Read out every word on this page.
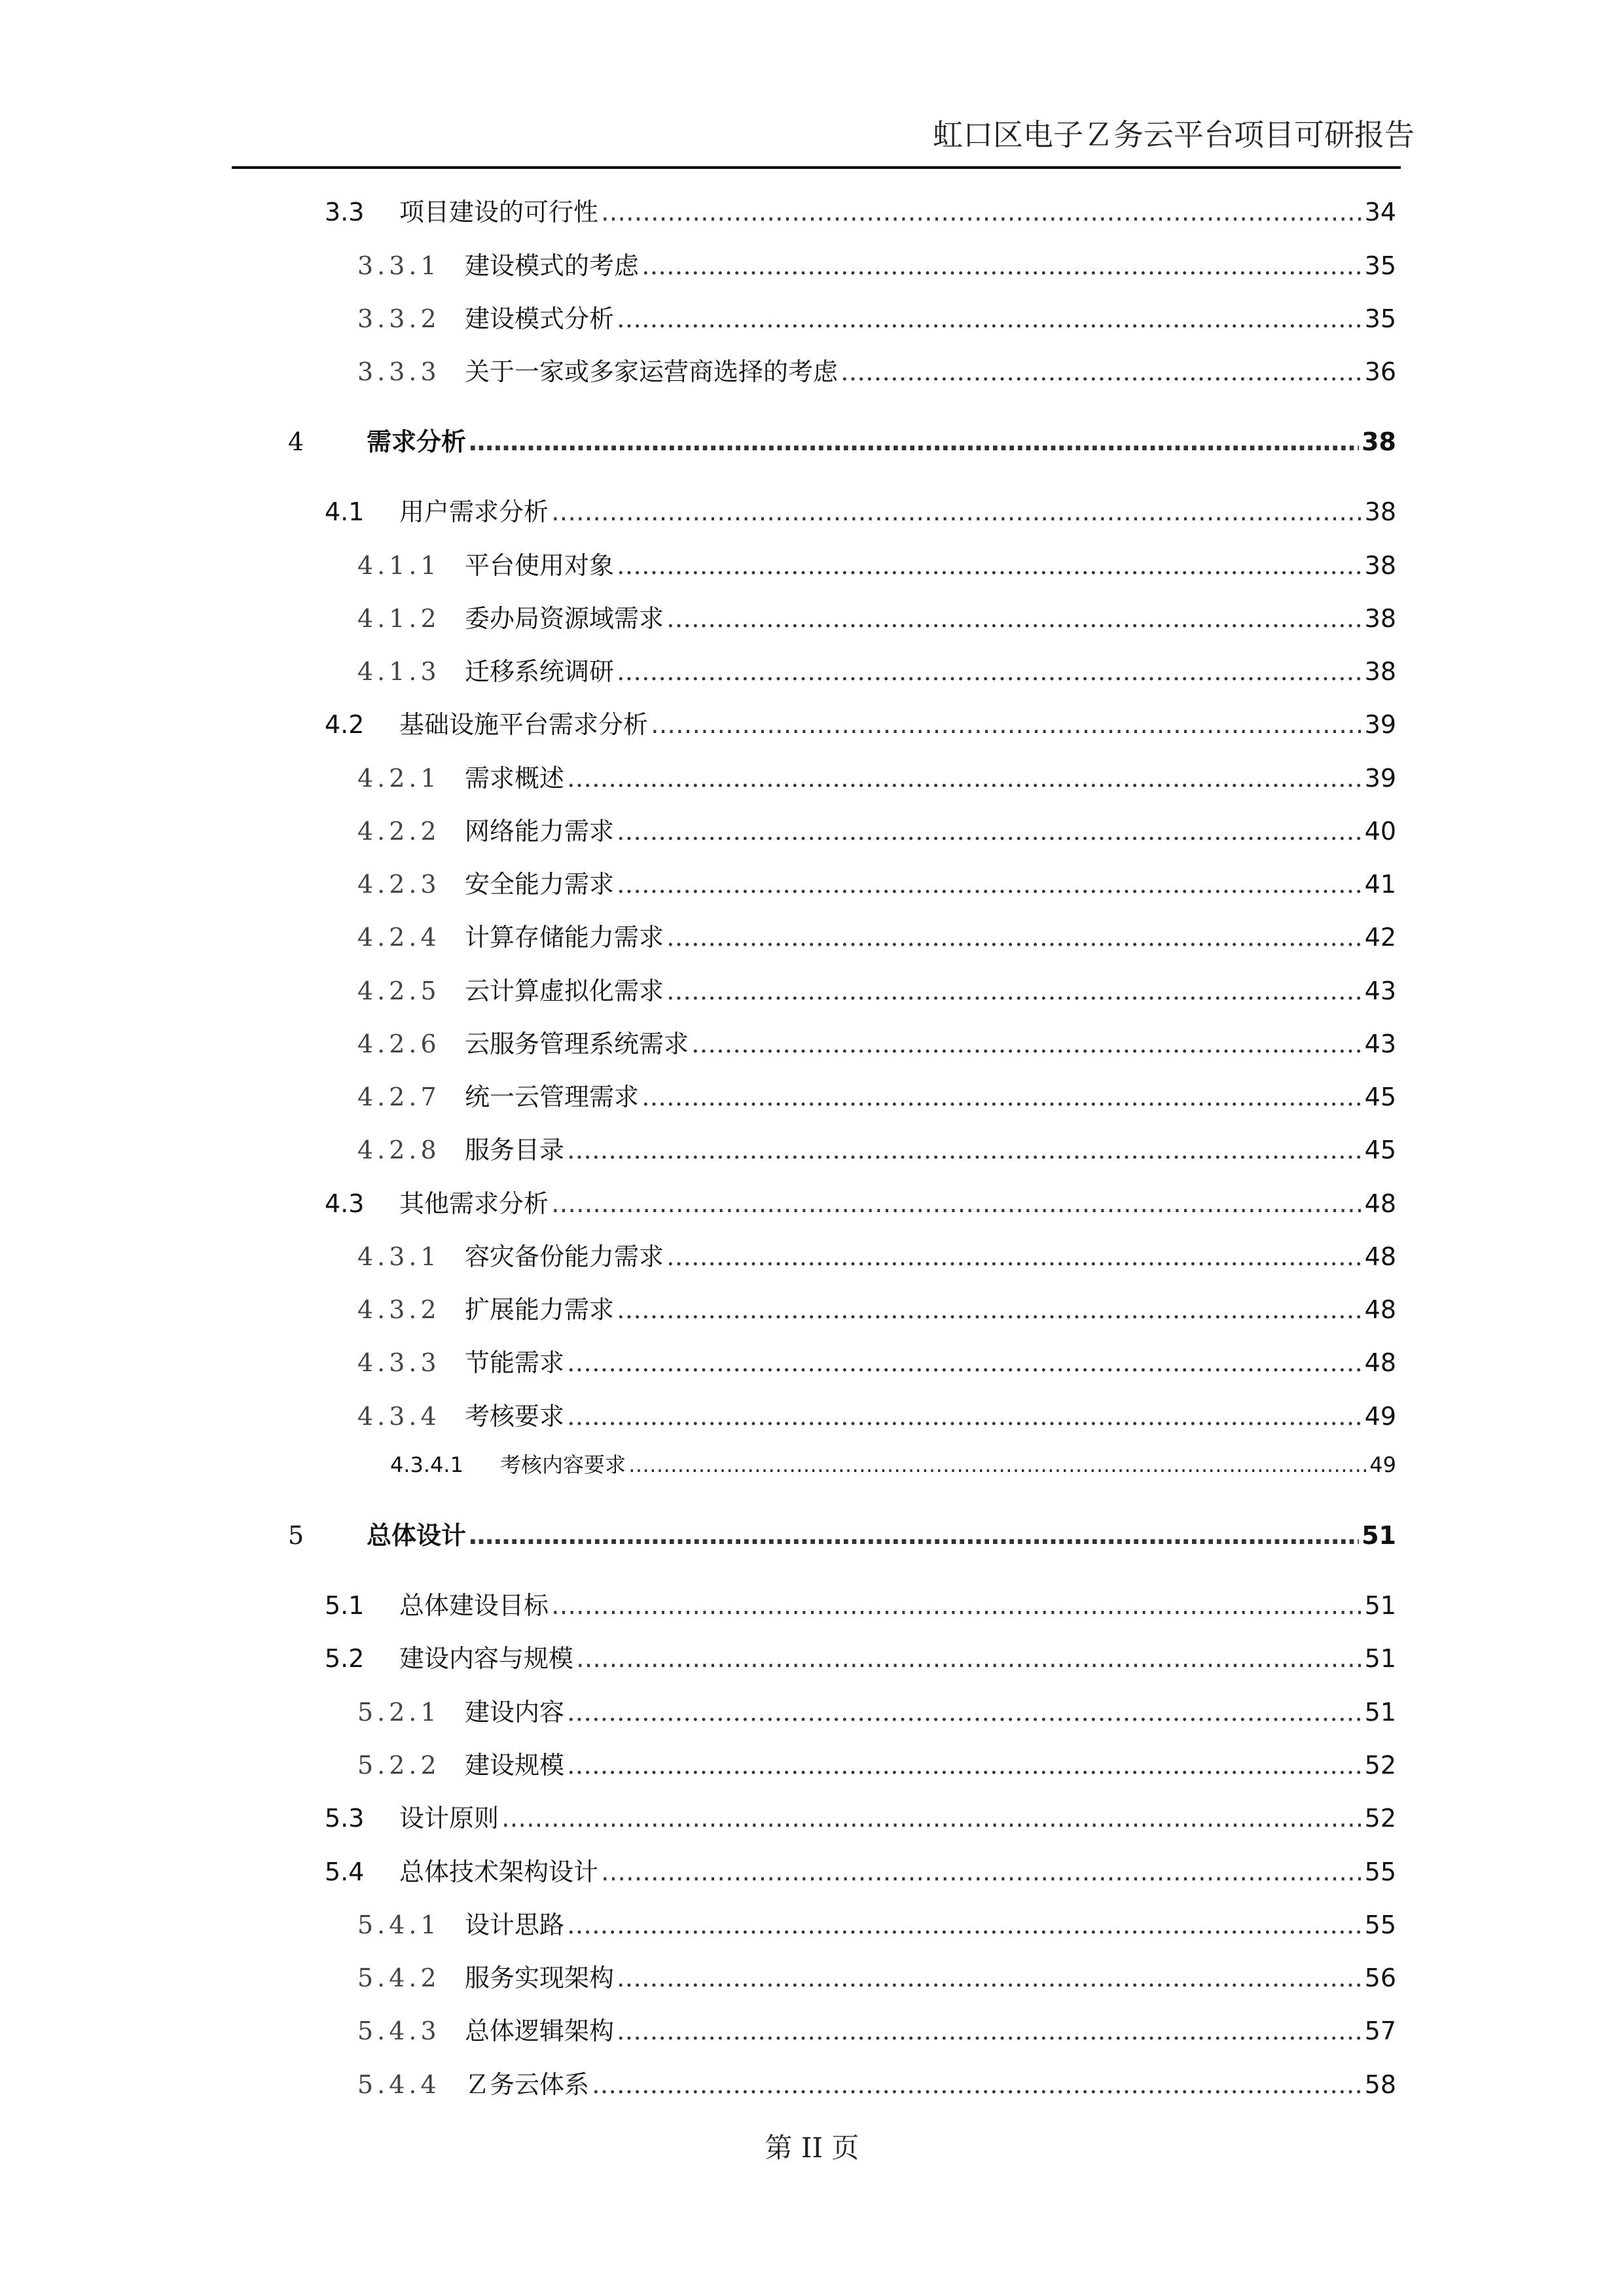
虹口区电子Ｚ务云平台项目可研报告
3.3	项目建设的可行性 …………………………………………………………………………………………………………………………………………………………………………………………………………………………………………………………………………………………………………………………	34
3.3.1 建设模式的考虑 …………………………………………………………………………………………………………………………………………………………………………………………………………………………………………………………………………………………………………………………	35
3.3.2 建设模式分析 …………………………………………………………………………………………………………………………………………………………………………………………………………………………………………………………………………………………………………………………	35
3.3.3 关于一家或多家运营商选择的考虑 …………………………………………………………………………………………………………………………………………………………………………………………………………………………………………………………………………………………………………………………	36
4	需求分析 …………………………………………………………………………………………………………………………………………………………………………………………………………………………………………………………………………………………………………………………	38
4.1	用户需求分析 …………………………………………………………………………………………………………………………………………………………………………………………………………………………………………………………………………………………………………………………	38
4.1.1 平台使用对象 …………………………………………………………………………………………………………………………………………………………………………………………………………………………………………………………………………………………………………………………	38
4.1.2 委办局资源域需求 …………………………………………………………………………………………………………………………………………………………………………………………………………………………………………………………………………………………………………………………	38
4.1.3 迁移系统调研 …………………………………………………………………………………………………………………………………………………………………………………………………………………………………………………………………………………………………………………………	38
4.2	基础设施平台需求分析 …………………………………………………………………………………………………………………………………………………………………………………………………………………………………………………………………………………………………………………………	39
4.2.1 需求概述 …………………………………………………………………………………………………………………………………………………………………………………………………………………………………………………………………………………………………………………………	39
4.2.2 网络能力需求 …………………………………………………………………………………………………………………………………………………………………………………………………………………………………………………………………………………………………………………………	40
4.2.3 安全能力需求 …………………………………………………………………………………………………………………………………………………………………………………………………………………………………………………………………………………………………………………………	41
4.2.4 计算存储能力需求 …………………………………………………………………………………………………………………………………………………………………………………………………………………………………………………………………………………………………………………………	42
4.2.5 云计算虚拟化需求 …………………………………………………………………………………………………………………………………………………………………………………………………………………………………………………………………………………………………………………………	43
4.2.6 云服务管理系统需求 …………………………………………………………………………………………………………………………………………………………………………………………………………………………………………………………………………………………………………………………	43
4.2.7 统一云管理需求 …………………………………………………………………………………………………………………………………………………………………………………………………………………………………………………………………………………………………………………………	45
4.2.8 服务目录 …………………………………………………………………………………………………………………………………………………………………………………………………………………………………………………………………………………………………………………………	45
4.3	其他需求分析 …………………………………………………………………………………………………………………………………………………………………………………………………………………………………………………………………………………………………………………………	48
4.3.1 容灾备份能力需求 …………………………………………………………………………………………………………………………………………………………………………………………………………………………………………………………………………………………………………………………	48
4.3.2 扩展能力需求 …………………………………………………………………………………………………………………………………………………………………………………………………………………………………………………………………………………………………………………………	48
4.3.3 节能需求 …………………………………………………………………………………………………………………………………………………………………………………………………………………………………………………………………………………………………………………………	48
4.3.4 考核要求 …………………………………………………………………………………………………………………………………………………………………………………………………………………………………………………………………………………………………………………………	49
4.3.4.1	考核内容要求 …………………………………………………………………………………………………………………………………………………………………………………………………………………………………………………………………………………………………………………………	49
5	总体设计 …………………………………………………………………………………………………………………………………………………………………………………………………………………………………………………………………………………………………………………………	51
5.1	总体建设目标 …………………………………………………………………………………………………………………………………………………………………………………………………………………………………………………………………………………………………………………………	51
5.2	建设内容与规模 …………………………………………………………………………………………………………………………………………………………………………………………………………………………………………………………………………………………………………………………	51
5.2.1 建设内容 …………………………………………………………………………………………………………………………………………………………………………………………………………………………………………………………………………………………………………………………	51
5.2.2 建设规模 …………………………………………………………………………………………………………………………………………………………………………………………………………………………………………………………………………………………………………………………	52
5.3	设计原则 …………………………………………………………………………………………………………………………………………………………………………………………………………………………………………………………………………………………………………………………	52
5.4	总体技术架构设计 …………………………………………………………………………………………………………………………………………………………………………………………………………………………………………………………………………………………………………………………	55
5.4.1 设计思路 …………………………………………………………………………………………………………………………………………………………………………………………………………………………………………………………………………………………………………………………	55
5.4.2 服务实现架构 …………………………………………………………………………………………………………………………………………………………………………………………………………………………………………………………………………………………………………………………	56
5.4.3 总体逻辑架构 …………………………………………………………………………………………………………………………………………………………………………………………………………………………………………………………………………………………………………………………	57
5.4.4 Ｚ务云体系 …………………………………………………………………………………………………………………………………………………………………………………………………………………………………………………………………………………………………………………………	58
第 II 页
